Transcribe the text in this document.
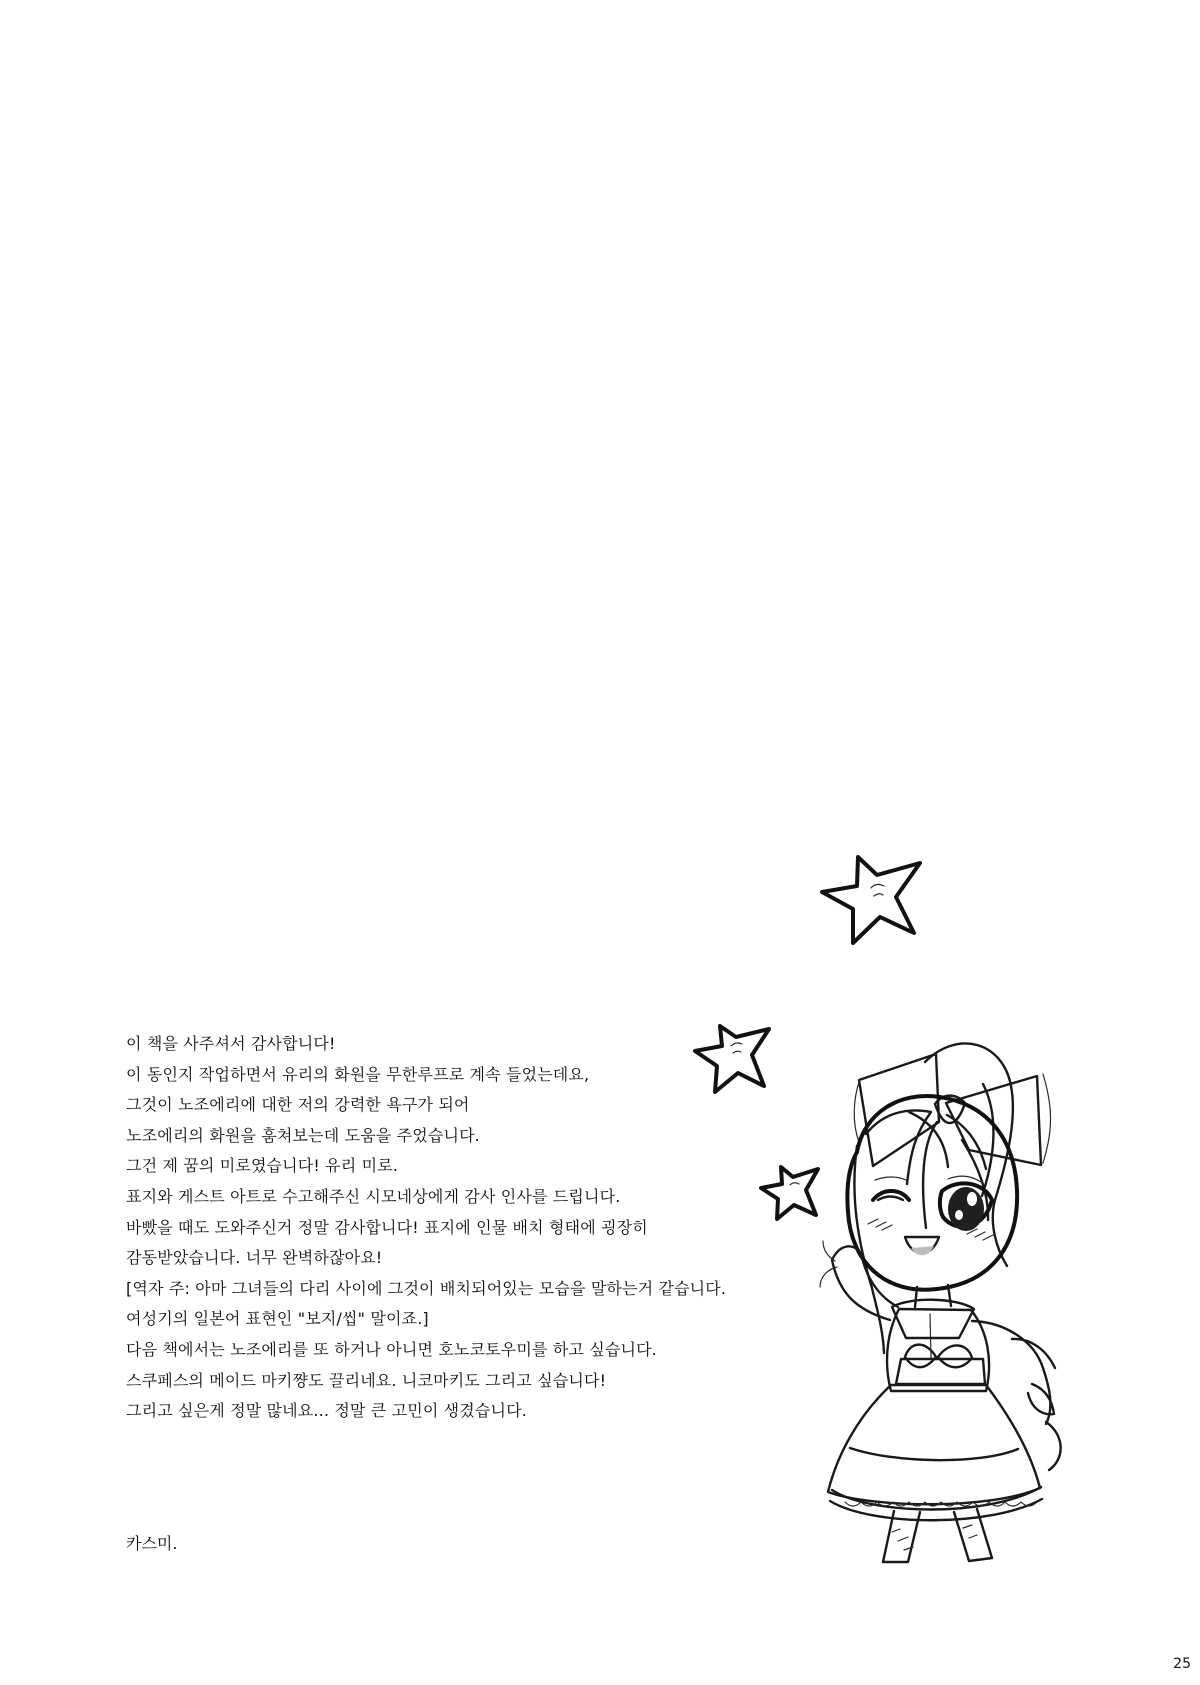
이 책을 사주셔서 감사합니다!
이 동인지 작업하면서 유리의 화원을 무한루프로 계속 들었는데요,
그것이 노조에리에 대한 저의 강력한 욕구가 되어
노조에리의 화원을 훔쳐보는데 도움을 주었습니다.
그건 제 꿈의 미로였습니다! 유리 미로.
표지와 게스트 아트로 수고해주신 시모네상에게 감사 인사를 드립니다.
바빴을 때도 도와주신거 정말 감사합니다! 표지에 인물 배치 형태에 굉장히
감동받았습니다. 너무 완벽하잖아요!
[역자 주: 아마 그녀들의 다리 사이에 그것이 배치되어있는 모습을 말하는거 같습니다.
여성기의 일본어 표현인 "보지/씹" 말이죠.]
다음 책에서는 노조에리를 또 하거나 아니면 호노코토우미를 하고 싶습니다.
스쿠페스의 메이드 마키쨩도 끌리네요. 니코마키도 그리고 싶습니다!
그리고 싶은게 정말 많네요... 정말 큰 고민이 생겼습니다.
카스미.
25
